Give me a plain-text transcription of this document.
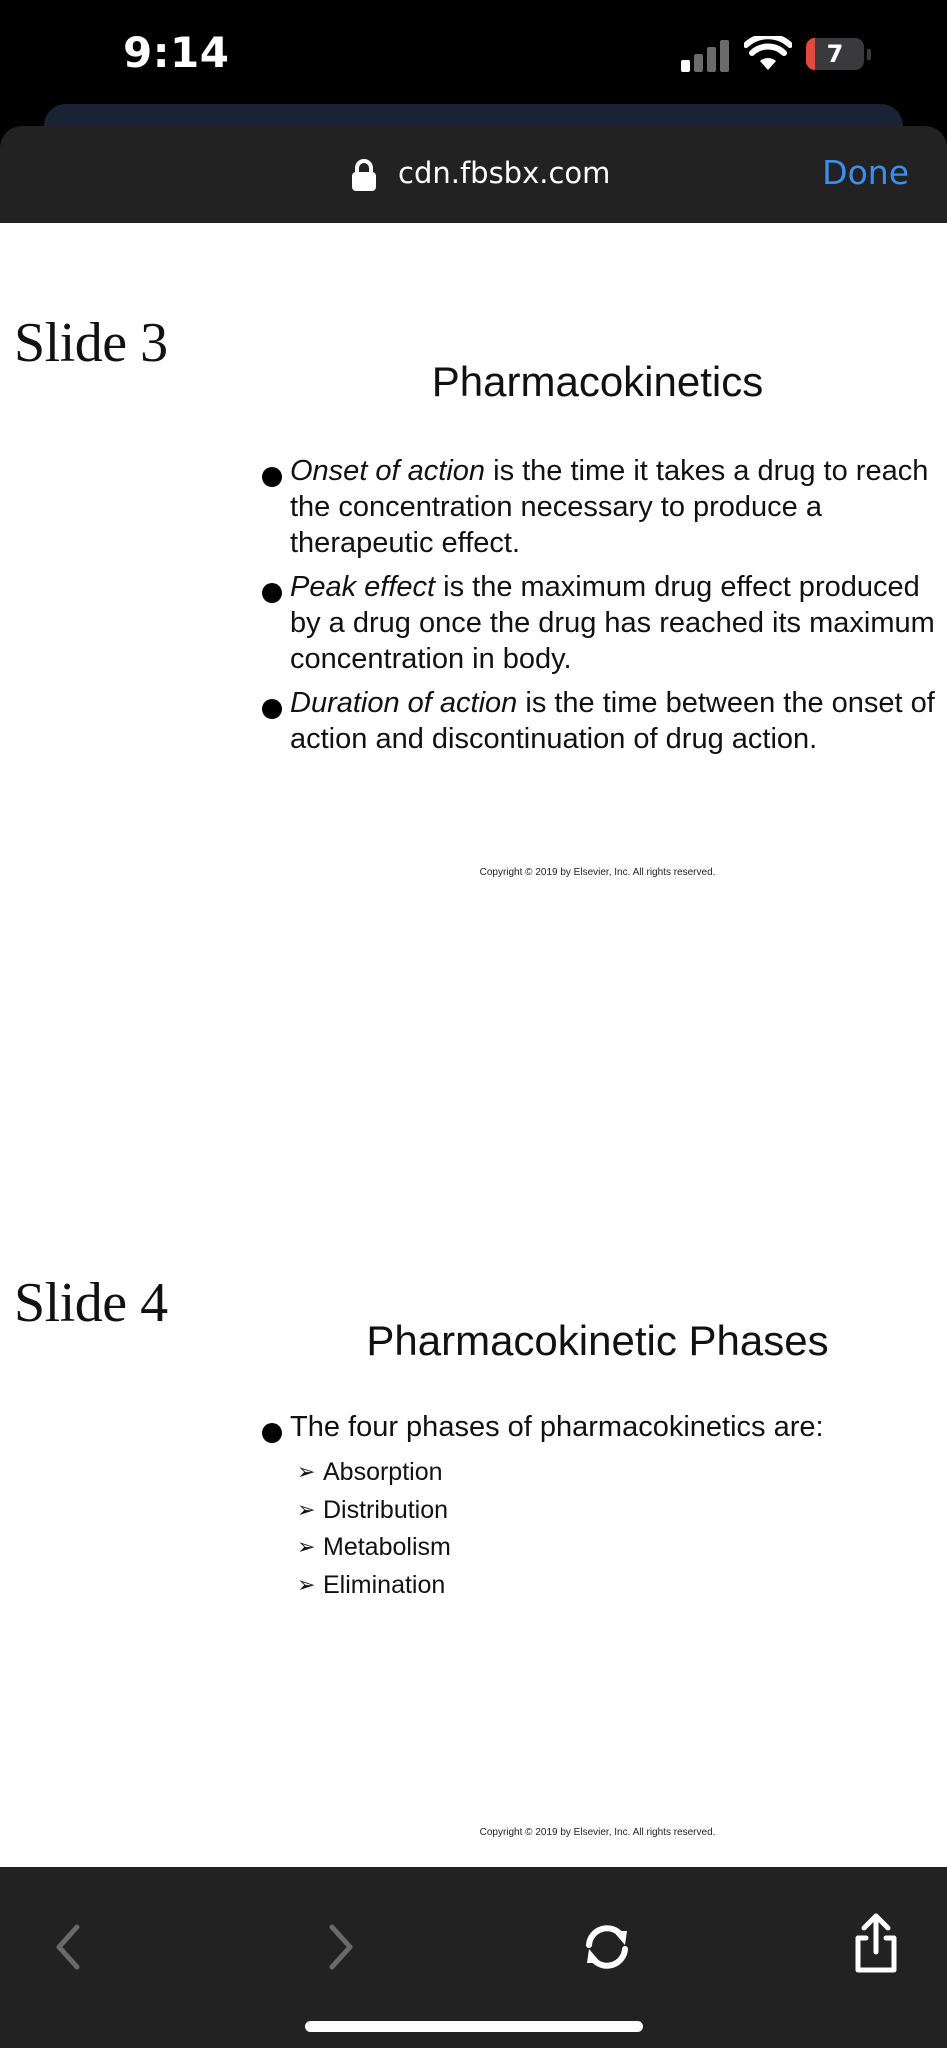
9:14	7
cdn.fbsbx.com	Done
Slide 3
Pharmacokinetics
Onset of action is the time it takes a drug to reach the concentration necessary to produce a therapeutic effect.
Peak effect is the maximum drug effect produced by a drug once the drug has reached its maximum concentration in body.
Duration of action is the time between the onset of action and discontinuation of drug action.
Copyright © 2019 by Elsevier, Inc. All rights reserved.
Slide 4
Pharmacokinetic Phases
The four phases of pharmacokinetics are:
➢ Absorption
➢ Distribution
➢ Metabolism
➢ Elimination
Copyright © 2019 by Elsevier, Inc. All rights reserved.
